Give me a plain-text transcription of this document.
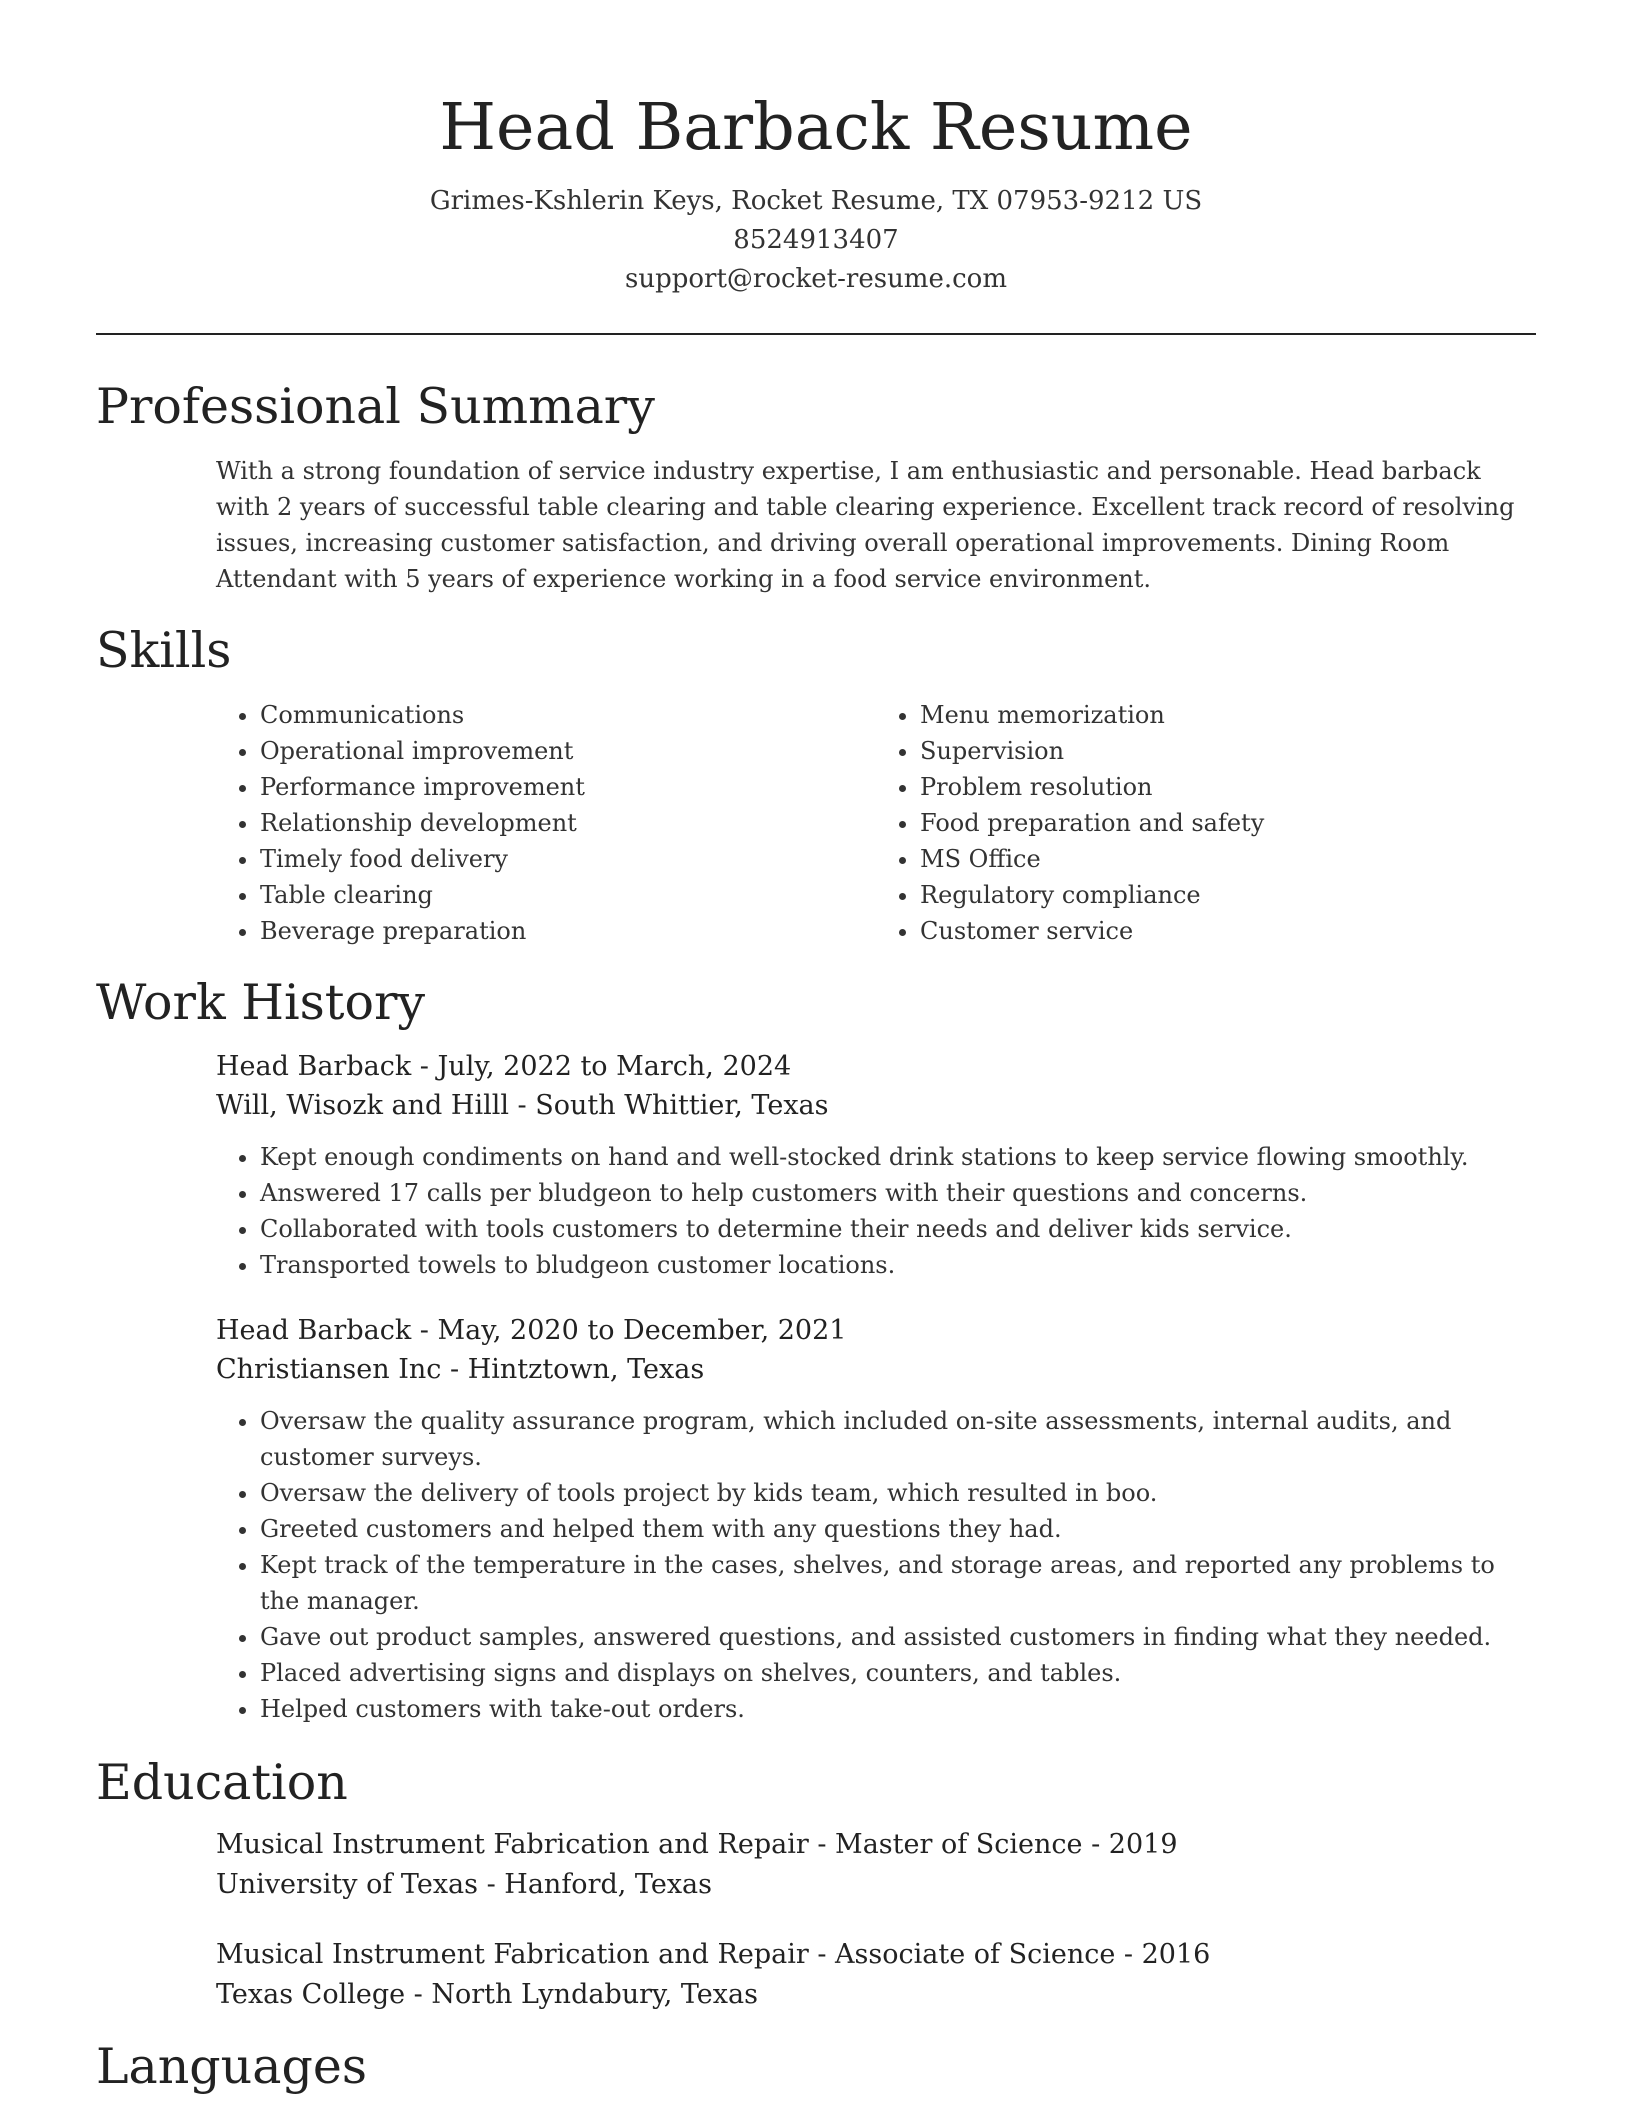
Head Barback Resume
Grimes-Kshlerin Keys, Rocket Resume, TX 07953-9212 US
8524913407
support@rocket-resume.com
Professional Summary

With a strong foundation of service industry expertise, I am enthusiastic and personable. Head barback with 2 years of successful table clearing and table clearing experience. Excellent track record of resolving issues, increasing customer satisfaction, and driving overall operational improvements. Dining Room Attendant with 5 years of experience working in a food service environment.

Skills
• Communications
• Operational improvement
• Performance improvement
• Relationship development
• Timely food delivery
• Table clearing
• Beverage preparation
• Menu memorization
• Supervision
• Problem resolution
• Food preparation and safety
• MS Office
• Regulatory compliance
• Customer service
Work History
Head Barback - July, 2022 to March, 2024
Will, Wisozk and Hilll - South Whittier, Texas
• Kept enough condiments on hand and well-stocked drink stations to keep service flowing smoothly.
• Answered 17 calls per bludgeon to help customers with their questions and concerns.
• Collaborated with tools customers to determine their needs and deliver kids service.
• Transported towels to bludgeon customer locations.
Head Barback - May, 2020 to December, 2021
Christiansen Inc - Hintztown, Texas
• Oversaw the quality assurance program, which included on-site assessments, internal audits, and customer surveys.
• Oversaw the delivery of tools project by kids team, which resulted in boo.
• Greeted customers and helped them with any questions they had.
• Kept track of the temperature in the cases, shelves, and storage areas, and reported any problems to the manager.
• Gave out product samples, answered questions, and assisted customers in finding what they needed.
• Placed advertising signs and displays on shelves, counters, and tables.
• Helped customers with take-out orders.
Education
Musical Instrument Fabrication and Repair - Master of Science - 2019
University of Texas - Hanford, Texas
Musical Instrument Fabrication and Repair - Associate of Science - 2016
Texas College - North Lyndabury, Texas
Languages
